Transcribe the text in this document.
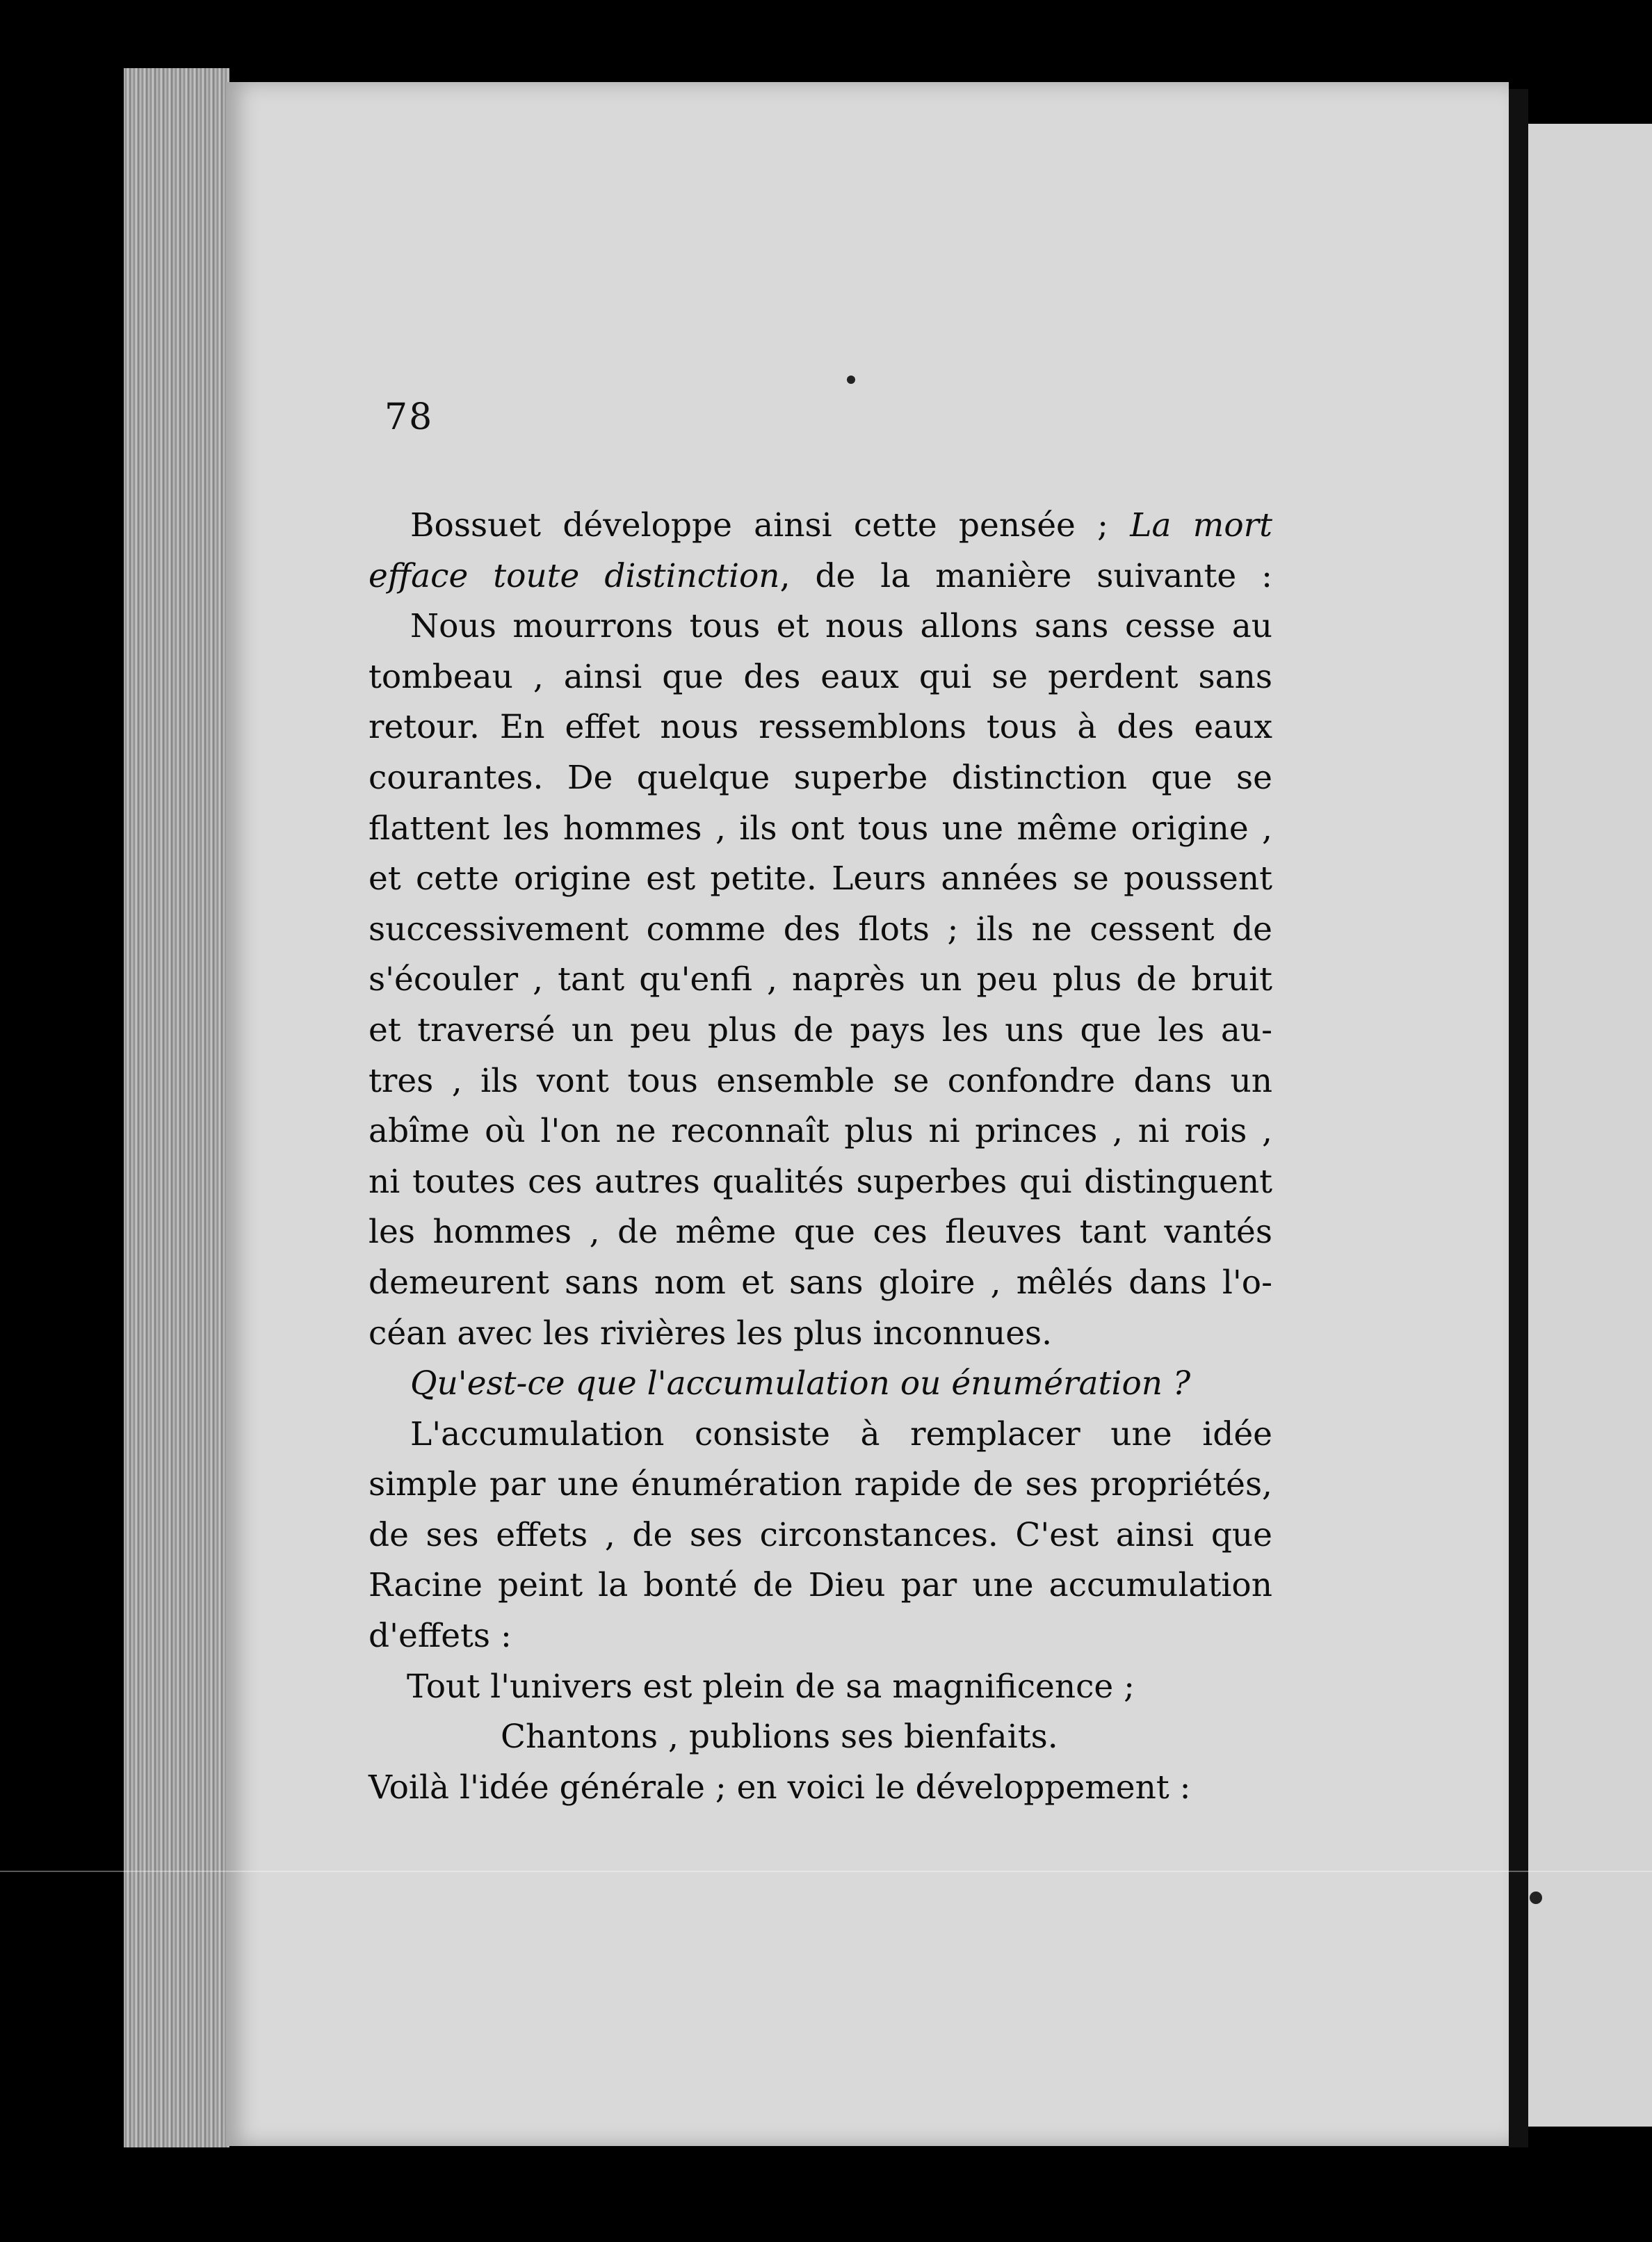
78
Bossuet développe ainsi cette pensée ; La mort
efface toute distinction, de la manière suivante :
Nous mourrons tous et nous allons sans cesse au
tombeau , ainsi que des eaux qui se perdent sans
retour. En effet nous ressemblons tous à des eaux
courantes. De quelque superbe distinction que se
flattent les hommes , ils ont tous une même origine ,
et cette origine est petite. Leurs années se poussent
successivement comme des flots ; ils ne cessent de
s'écouler , tant qu'enfi , naprès un peu plus de bruit
et traversé un peu plus de pays les uns que les au-
tres , ils vont tous ensemble se confondre dans un
abîme où l'on ne reconnaît plus ni princes , ni rois ,
ni toutes ces autres qualités superbes qui distinguent
les hommes , de même que ces fleuves tant vantés
demeurent sans nom et sans gloire , mêlés dans l'o-
céan avec les rivières les plus inconnues.
Qu'est-ce que l'accumulation ou énumération ?
L'accumulation consiste à remplacer une idée
simple par une énumération rapide de ses propriétés,
de ses effets , de ses circonstances. C'est ainsi que
Racine peint la bonté de Dieu par une accumulation
d'effets :
Tout l'univers est plein de sa magnificence ;
Chantons , publions ses bienfaits.
Voilà l'idée générale ; en voici le développement :
